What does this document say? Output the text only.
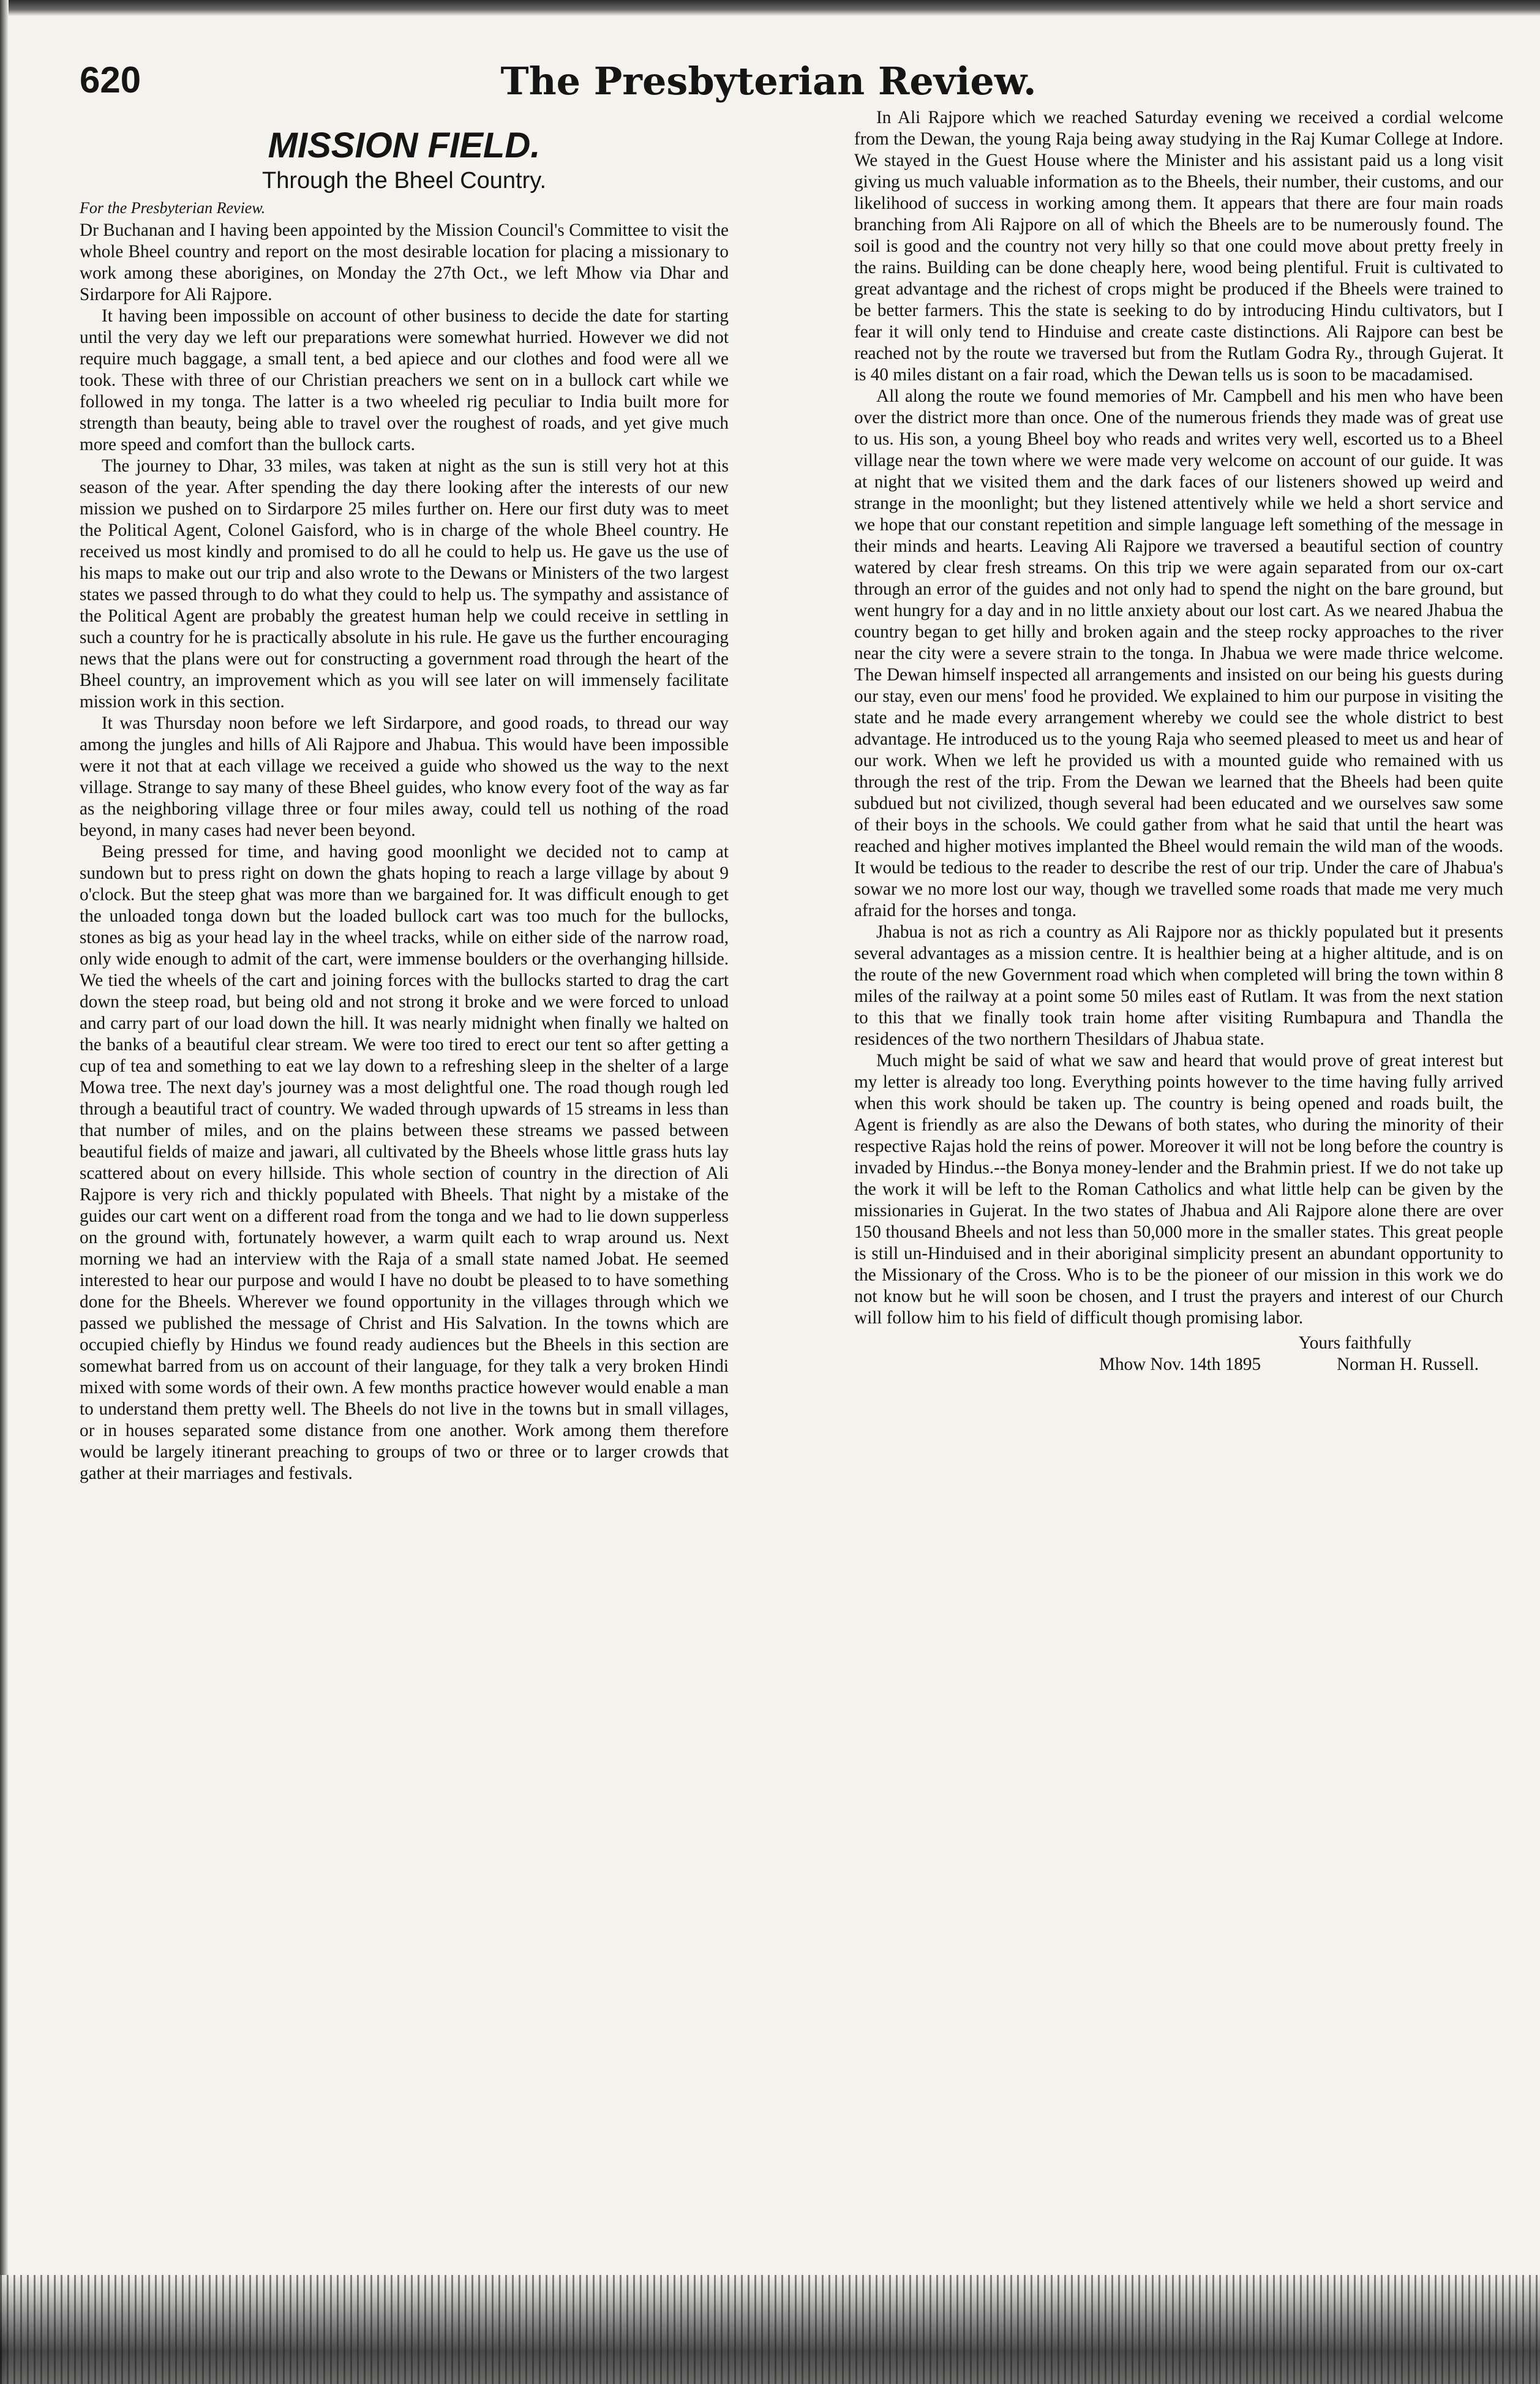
620	The Presbyterian Review.
MISSION FIELD.
Through the Bheel Country.
For the Presbyterian Review.

Dr Buchanan and I having been appointed by the Mission Council's Committee to visit the whole Bheel country and report on the most desirable location for placing a missionary to work among these aborigines, on Monday the 27th Oct., we left Mhow via Dhar and Sirdarpore for Ali Rajpore.

It having been impossible on account of other business to decide the date for starting until the very day we left our preparations were somewhat hurried. However we did not require much baggage, a small tent, a bed apiece and our clothes and food were all we took. These with three of our Christian preachers we sent on in a bullock cart while we followed in my tonga. The latter is a two wheeled rig peculiar to India built more for strength than beauty, being able to travel over the roughest of roads, and yet give much more speed and comfort than the bullock carts.

The journey to Dhar, 33 miles, was taken at night as the sun is still very hot at this season of the year. After spending the day there looking after the interests of our new mission we pushed on to Sirdarpore 25 miles further on. Here our first duty was to meet the Political Agent, Colonel Gaisford, who is in charge of the whole Bheel country. He received us most kindly and promised to do all he could to help us. He gave us the use of his maps to make out our trip and also wrote to the Dewans or Ministers of the two largest states we passed through to do what they could to help us. The sympathy and assistance of the Political Agent are probably the greatest human help we could receive in settling in such a country for he is practically absolute in his rule. He gave us the further encouraging news that the plans were out for constructing a government road through the heart of the Bheel country, an improvement which as you will see later on will immensely facilitate mission work in this section.

It was Thursday noon before we left Sirdarpore, and good roads, to thread our way among the jungles and hills of Ali Rajpore and Jhabua. This would have been impossible were it not that at each village we received a guide who showed us the way to the next village. Strange to say many of these Bheel guides, who know every foot of the way as far as the neighboring village three or four miles away, could tell us nothing of the road beyond, in many cases had never been beyond.

Being pressed for time, and having good moonlight we decided not to camp at sundown but to press right on down the ghats hoping to reach a large village by about 9 o'clock. But the steep ghat was more than we bargained for. It was difficult enough to get the unloaded tonga down but the loaded bullock cart was too much for the bullocks, stones as big as your head lay in the wheel tracks, while on either side of the narrow road, only wide enough to admit of the cart, were immense boulders or the overhanging hillside. We tied the wheels of the cart and joining forces with the bullocks started to drag the cart down the steep road, but being old and not strong it broke and we were forced to unload and carry part of our load down the hill. It was nearly midnight when finally we halted on the banks of a beautiful clear stream. We were too tired to erect our tent so after getting a cup of tea and something to eat we lay down to a refreshing sleep in the shelter of a large Mowa tree. The next day's journey was a most delightful one. The road though rough led through a beautiful tract of country. We waded through upwards of 15 streams in less than that number of miles, and on the plains between these streams we passed between beautiful fields of maize and jawari, all cultivated by the Bheels whose little grass huts lay scattered about on every hillside. This whole section of country in the direction of Ali Rajpore is very rich and thickly populated with Bheels. That night by a mistake of the guides our cart went on a different road from the tonga and we had to lie down supperless on the ground with, fortunately however, a warm quilt each to wrap around us. Next morning we had an interview with the Raja of a small state named Jobat. He seemed interested to hear our purpose and would I have no doubt be pleased to to have something done for the Bheels. Wherever we found opportunity in the villages through which we passed we published the message of Christ and His Salvation. In the towns which are occupied chiefly by Hindus we found ready audiences but the Bheels in this section are somewhat barred from us on account of their language, for they talk a very broken Hindi mixed with some words of their own. A few months practice however would enable a man to understand them pretty well. The Bheels do not live in the towns but in small villages, or in houses separated some distance from one another. Work among them therefore would be largely itinerant preaching to groups of two or three or to larger crowds that gather at their marriages and festivals.

In Ali Rajpore which we reached Saturday evening we received a cordial welcome from the Dewan, the young Raja being away studying in the Raj Kumar College at Indore. We stayed in the Guest House where the Minister and his assistant paid us a long visit giving us much valuable information as to the Bheels, their number, their customs, and our likelihood of success in working among them. It appears that there are four main roads branching from Ali Rajpore on all of which the Bheels are to be numerously found. The soil is good and the country not very hilly so that one could move about pretty freely in the rains. Building can be done cheaply here, wood being plentiful. Fruit is cultivated to great advantage and the richest of crops might be produced if the Bheels were trained to be better farmers. This the state is seeking to do by introducing Hindu cultivators, but I fear it will only tend to Hinduise and create caste distinctions. Ali Rajpore can best be reached not by the route we traversed but from the Rutlam Godra Ry., through Gujerat. It is 40 miles distant on a fair road, which the Dewan tells us is soon to be macadamised.

All along the route we found memories of Mr. Campbell and his men who have been over the district more than once. One of the numerous friends they made was of great use to us. His son, a young Bheel boy who reads and writes very well, escorted us to a Bheel village near the town where we were made very welcome on account of our guide. It was at night that we visited them and the dark faces of our listeners showed up weird and strange in the moonlight; but they listened attentively while we held a short service and we hope that our constant repetition and simple language left something of the message in their minds and hearts. Leaving Ali Rajpore we traversed a beautiful section of country watered by clear fresh streams. On this trip we were again separated from our ox-cart through an error of the guides and not only had to spend the night on the bare ground, but went hungry for a day and in no little anxiety about our lost cart. As we neared Jhabua the country began to get hilly and broken again and the steep rocky approaches to the river near the city were a severe strain to the tonga. In Jhabua we were made thrice welcome. The Dewan himself inspected all arrangements and insisted on our being his guests during our stay, even our mens' food he provided. We explained to him our purpose in visiting the state and he made every arrangement whereby we could see the whole district to best advantage. He introduced us to the young Raja who seemed pleased to meet us and hear of our work. When we left he provided us with a mounted guide who remained with us through the rest of the trip. From the Dewan we learned that the Bheels had been quite subdued but not civilized, though several had been educated and we ourselves saw some of their boys in the schools. We could gather from what he said that until the heart was reached and higher motives implanted the Bheel would remain the wild man of the woods. It would be tedious to the reader to describe the rest of our trip. Under the care of Jhabua's sowar we no more lost our way, though we travelled some roads that made me very much afraid for the horses and tonga.

Jhabua is not as rich a country as Ali Rajpore nor as thickly populated but it presents several advantages as a mission centre. It is healthier being at a higher altitude, and is on the route of the new Government road which when completed will bring the town within 8 miles of the railway at a point some 50 miles east of Rutlam. It was from the next station to this that we finally took train home after visiting Rumbapura and Thandla the residences of the two northern Thesildars of Jhabua state.

Much might be said of what we saw and heard that would prove of great interest but my letter is already too long. Everything points however to the time having fully arrived when this work should be taken up. The country is being opened and roads built, the Agent is friendly as are also the Dewans of both states, who during the minority of their respective Rajas hold the reins of power. Moreover it will not be long before the country is invaded by Hindus.--the Bonya money-lender and the Brahmin priest. If we do not take up the work it will be left to the Roman Catholics and what little help can be given by the missionaries in Gujerat. In the two states of Jhabua and Ali Rajpore alone there are over 150 thousand Bheels and not less than 50,000 more in the smaller states. This great people is still un-Hinduised and in their aboriginal simplicity present an abundant opportunity to the Missionary of the Cross. Who is to be the pioneer of our mission in this work we do not know but he will soon be chosen, and I trust the prayers and interest of our Church will follow him to his field of difficult though promising labor.

Yours faithfully
Mhow Nov. 14th 1895	Norman H. Russell.
